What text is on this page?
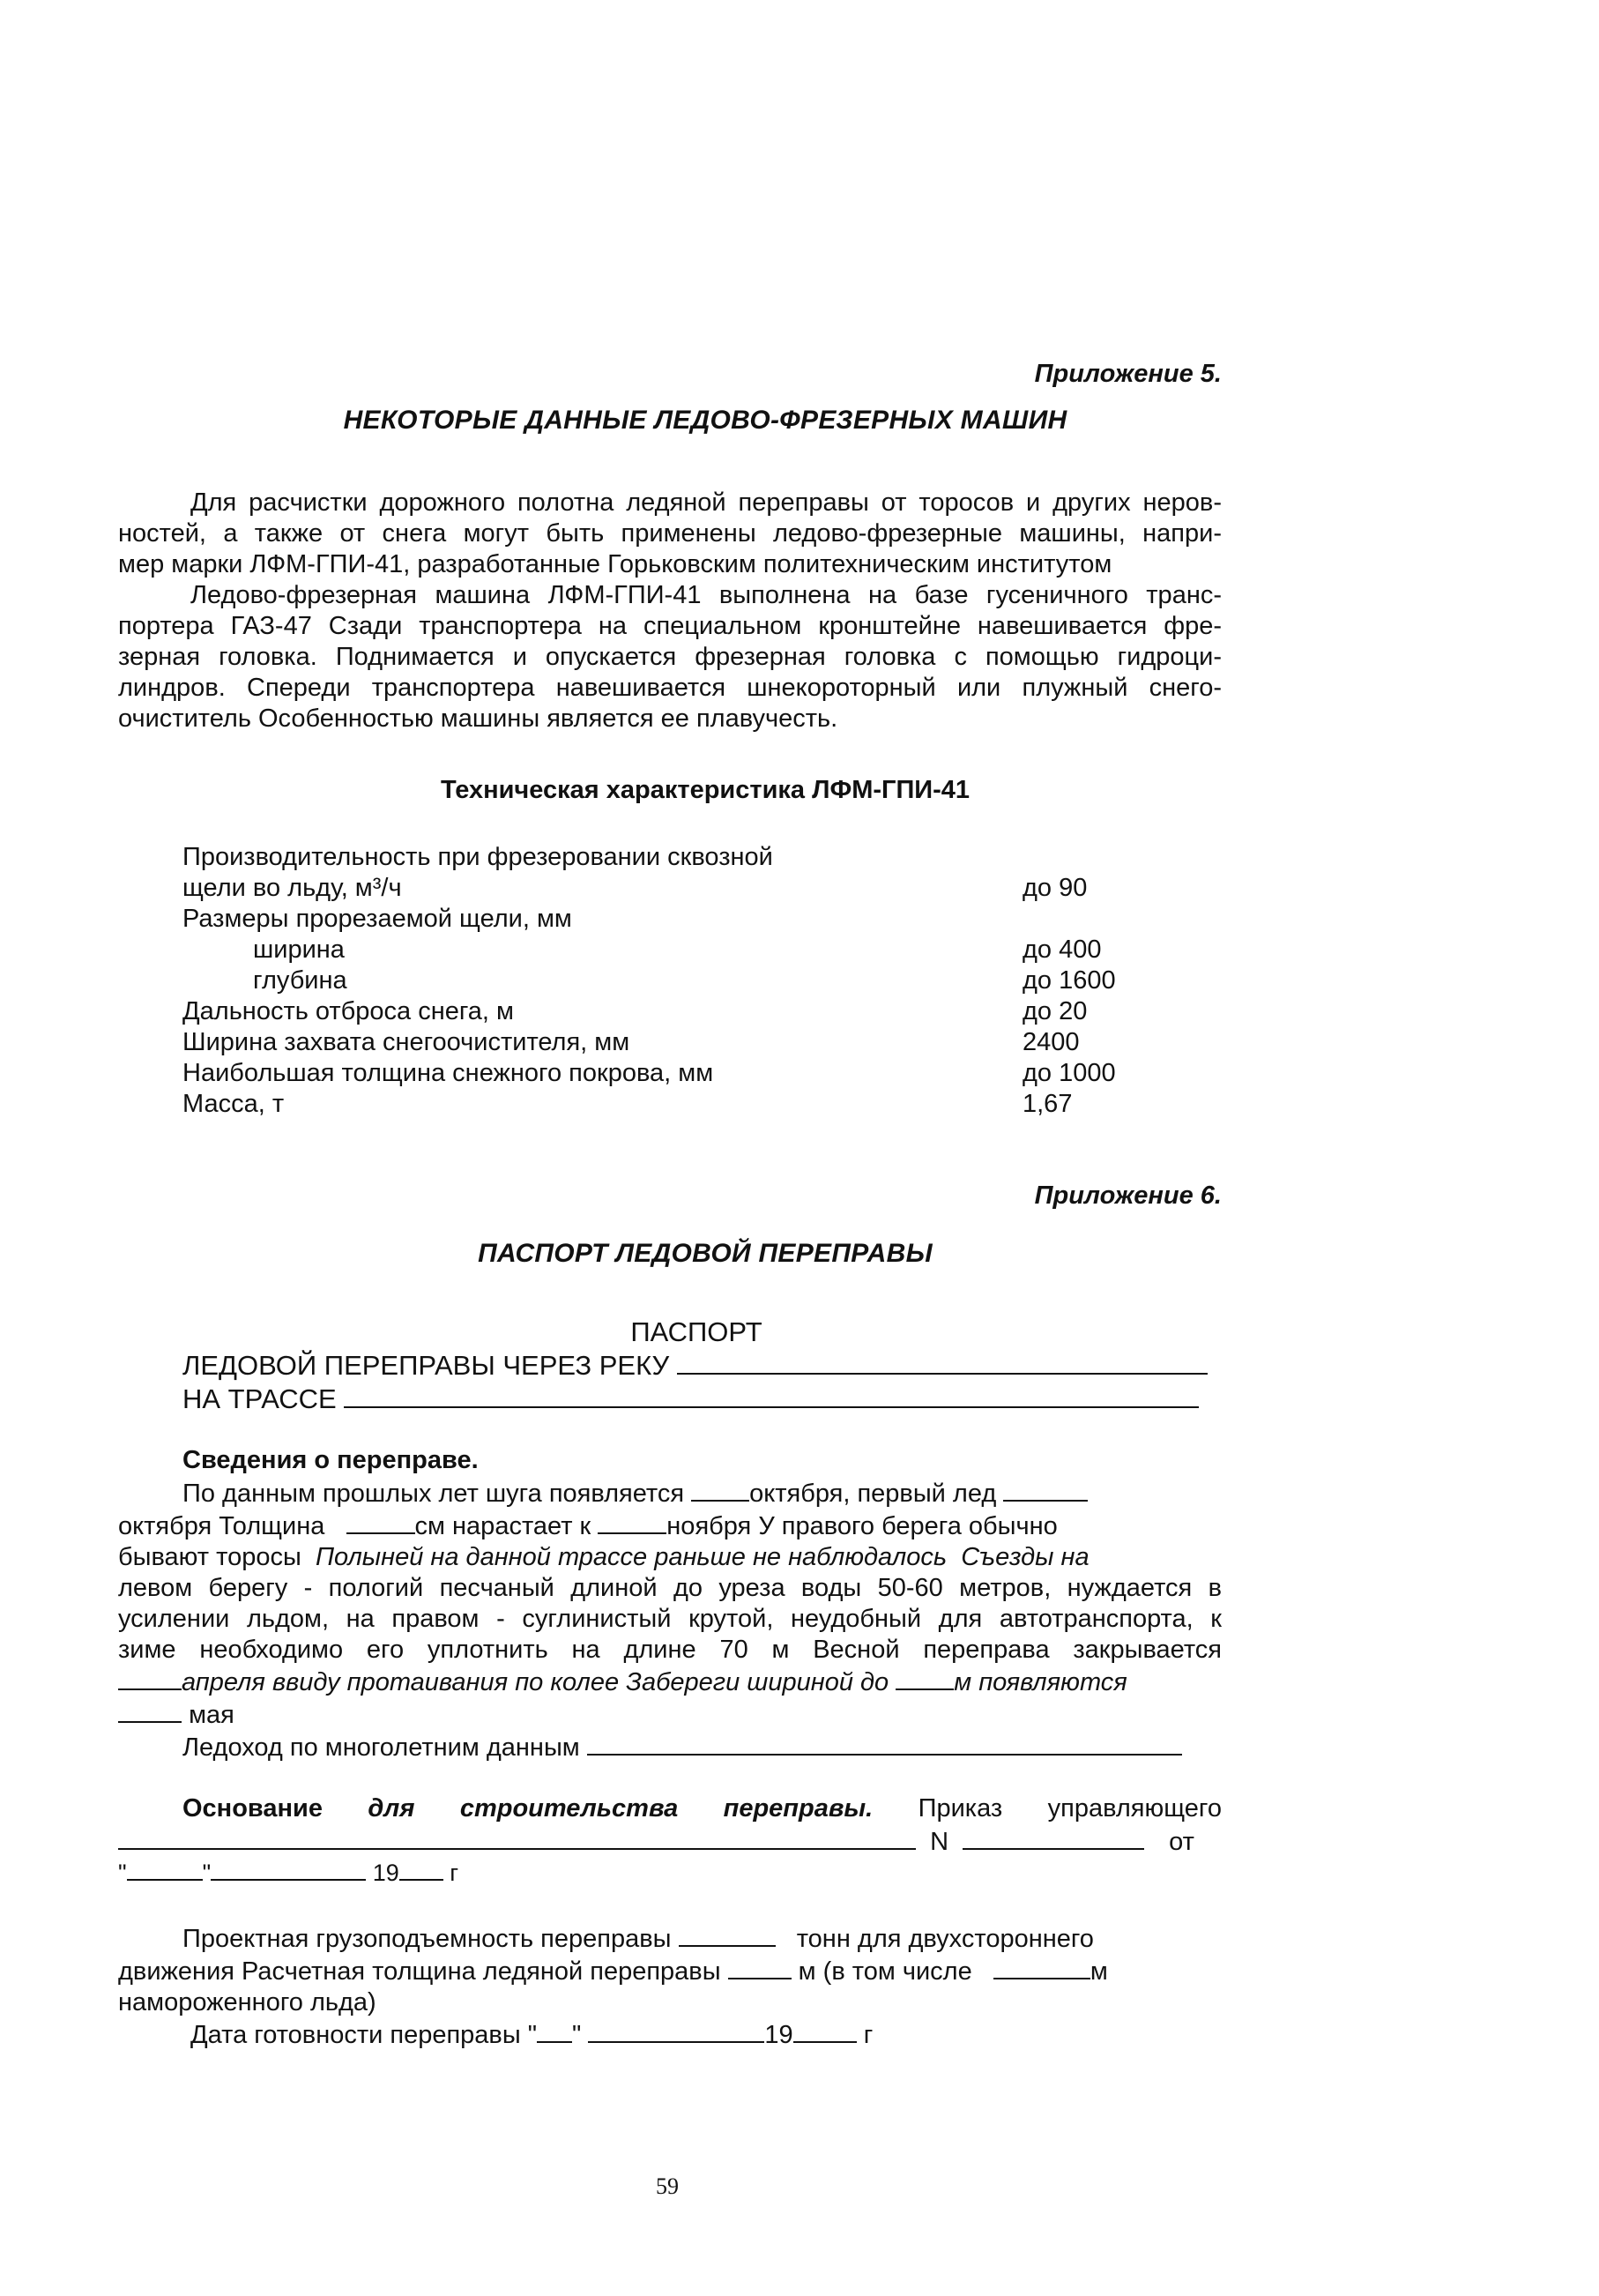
Приложение 5.
НЕКОТОРЫЕ ДАННЫЕ ЛЕДОВО-ФРЕЗЕРНЫХ МАШИН
Для расчистки дорожного полотна ледяной переправы от торосов и других неров-
ностей, а также от снега могут быть применены ледово-фрезерные машины, напри-
мер марки ЛФМ-ГПИ-41, разработанные Горьковским политехническим институтом
Ледово-фрезерная машина ЛФМ-ГПИ-41 выполнена на базе гусеничного транс-
портера ГАЗ-47 Сзади транспортера на специальном кронштейне навешивается фре-
зерная головка. Поднимается и опускается фрезерная головка с помощью гидроци-
линдров. Спереди транспортера навешивается шнекороторный или плужный снего-
очиститель Особенностью машины является ее плавучесть.
Техническая характеристика ЛФМ-ГПИ-41
Производительность при фрезеровании сквозной
щели во льду, м³/ч	до 90
Размеры прорезаемой щели, мм
ширина	до 400
глубина	до 1600
Дальность отброса снега, м	до 20
Ширина захвата снегоочистителя, мм	2400
Наибольшая толщина снежного покрова, мм	до 1000
Масса, т	1,67
Приложение 6.
ПАСПОРТ ЛЕДОВОЙ ПЕРЕПРАВЫ
ПАСПОРТ
ЛЕДОВОЙ ПЕРЕПРАВЫ ЧЕРЕЗ РЕКУ
НА ТРАССЕ
Сведения о переправе.
По данным прошлых лет шуга появляется	октября, первый лед
октября Толщина	см нарастает к	ноября У правого берега обычно
бывают торосы Полыней на данной трассе раньше не наблюдалось Съезды на
левом берегу - пологий песчаный длиной до уреза воды 50-60 метров, нуждается в
усилении льдом, на правом - суглинистый крутой, неудобный для автотранспорта, к
зиме необходимо его уплотнить на длине 70 м Весной переправа закрывается
апреля ввиду протаивания по колее Забереги шириной до	м появляются
мая
Ледоход по многолетним данным
Основание для строительства переправы. Приказ управляющего
N	от
"	"	19 г
Проектная грузоподъемность переправы	тонн для двухстороннего
движения Расчетная толщина ледяной переправы	м (в том числе	м
намороженного льда)
Дата готовности переправы " "	19	г
59
